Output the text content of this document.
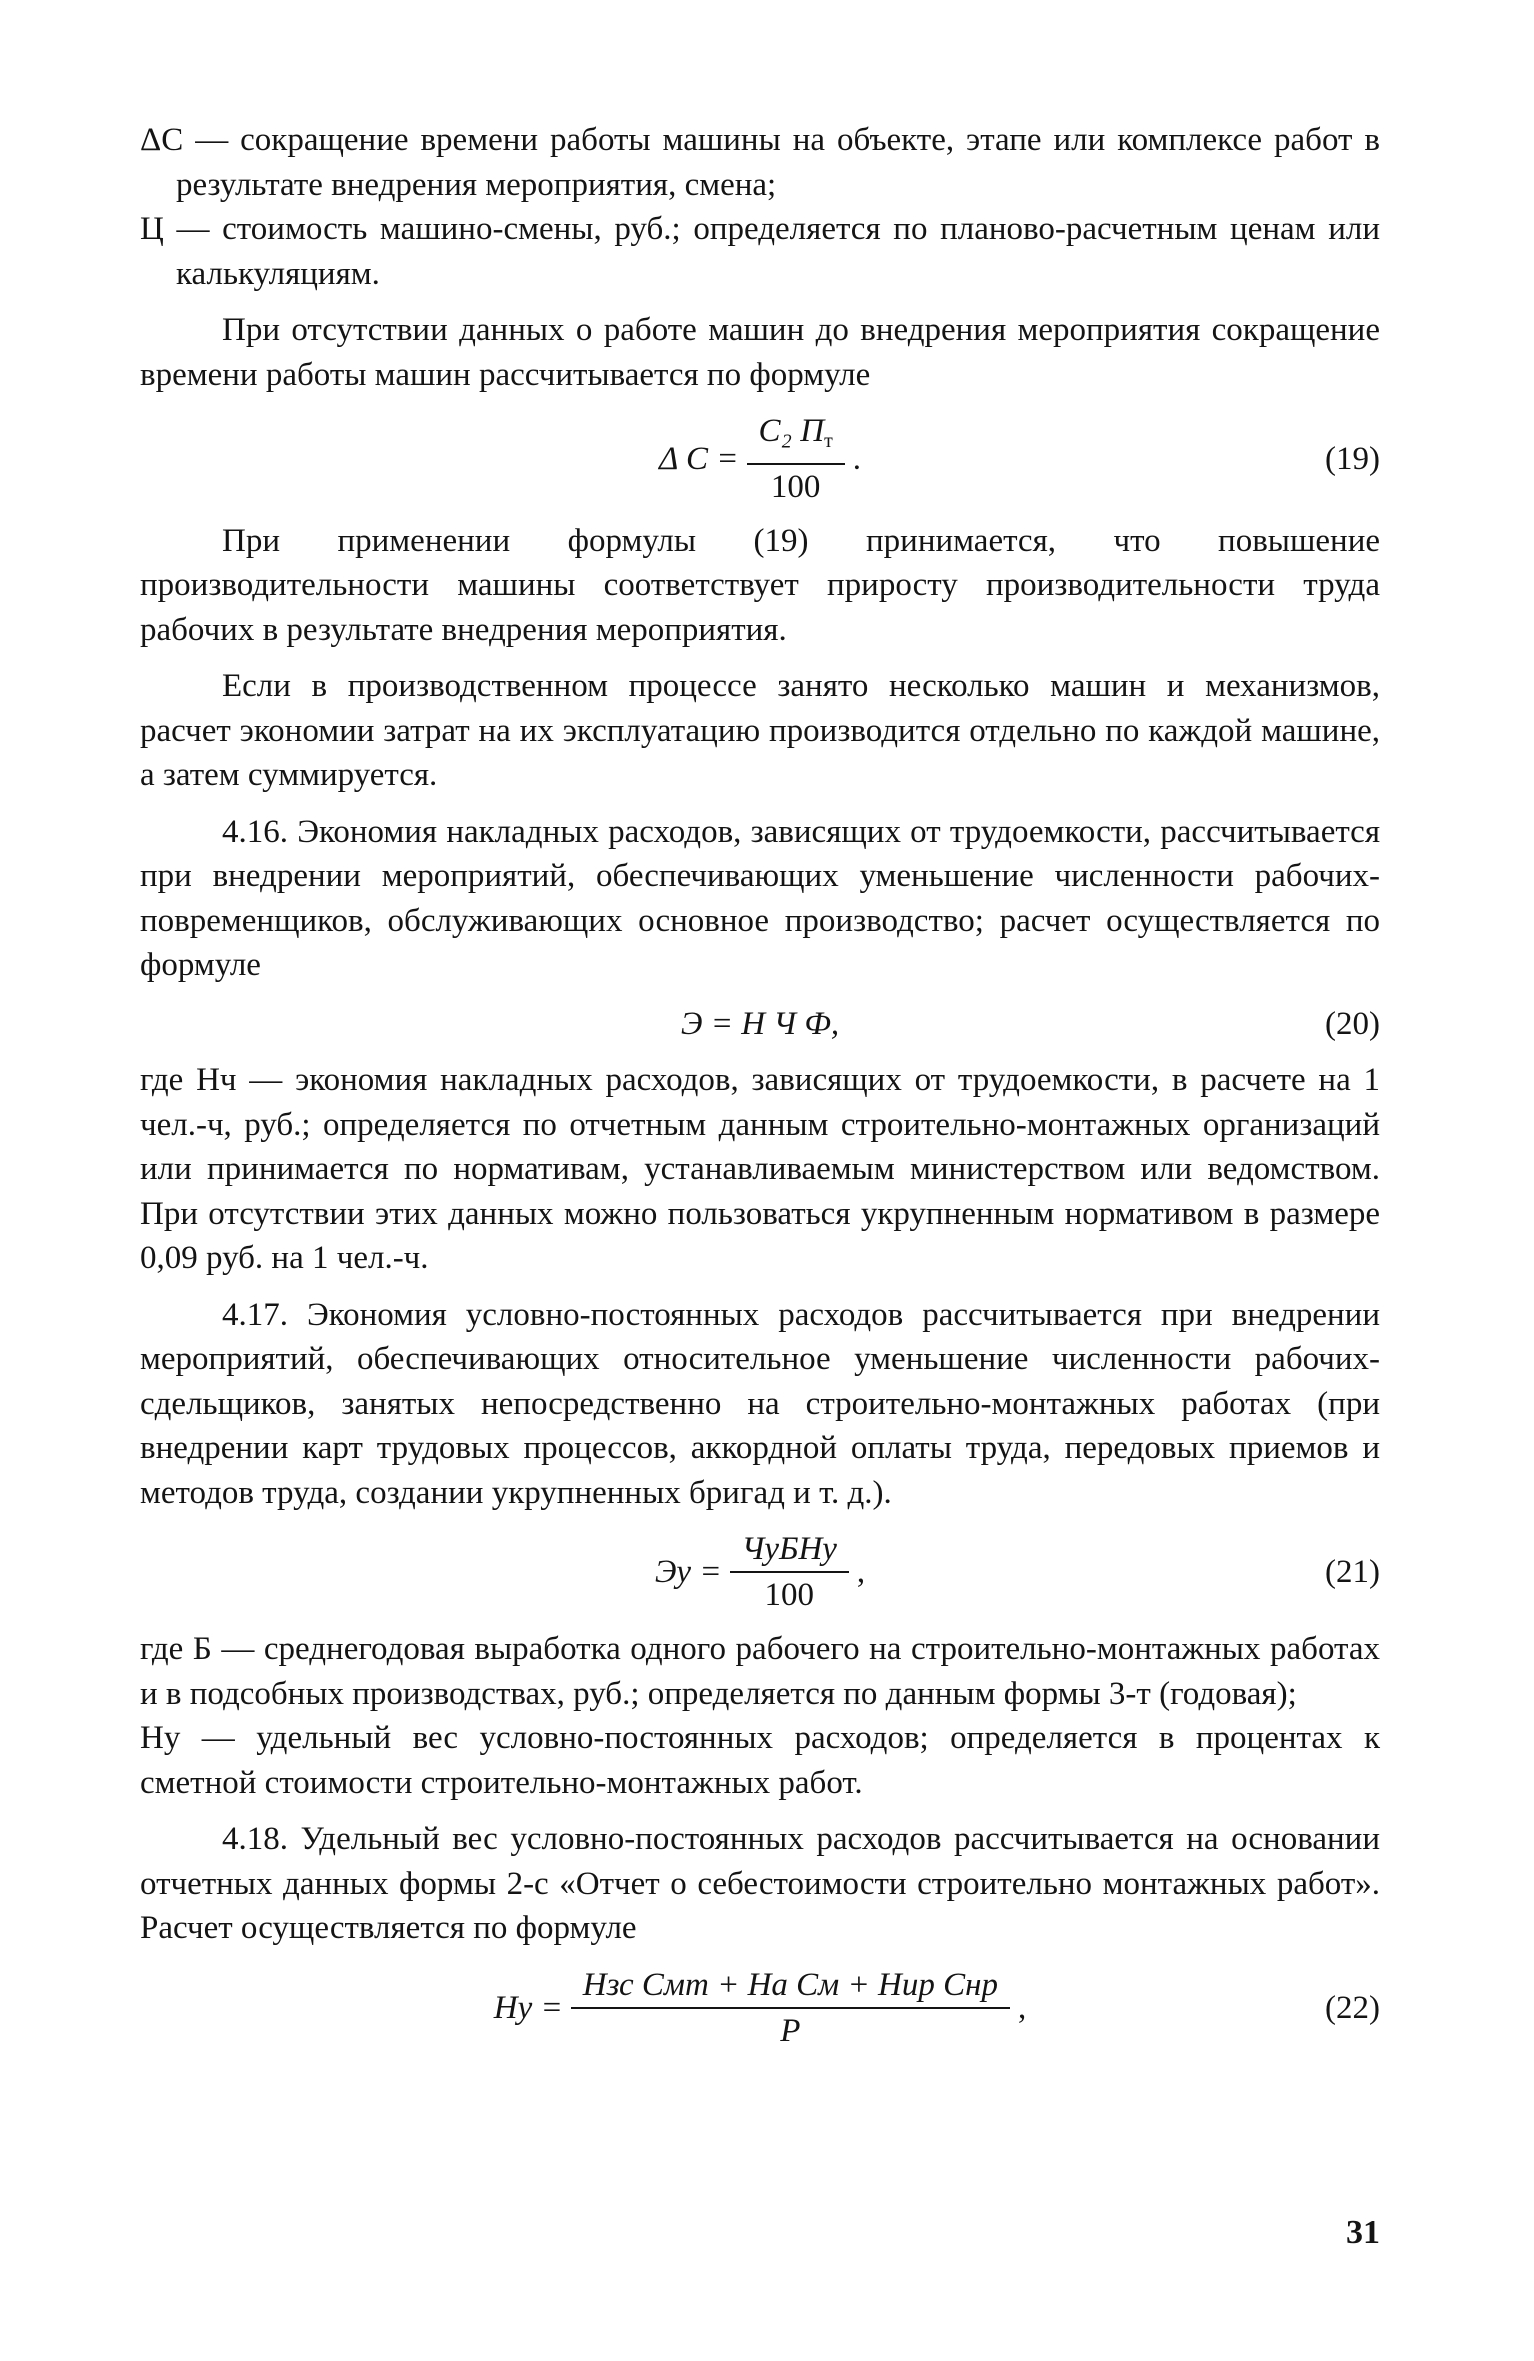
ΔС — сокращение времени работы машины на объекте, этапе или комплексе работ в результате внедрения мероприятия, смена;

Ц — стоимость машино-смены, руб.; определяется по планово-расчетным ценам или калькуляциям.

При отсутствии данных о работе машин до внедрения мероприятия сокращение времени работы машин рассчитывается по формуле

Δ $С = \frac{С_2 П_т}{100}$ .	(19)

При применении формулы (19) принимается, что повышение производительности машины соответствует приросту производительности труда рабочих в результате внедрения мероприятия.

Если в производственном процессе занято несколько машин и механизмов, расчет экономии затрат на их эксплуатацию производится отдельно по каждой машине, а затем суммируется.

4.16. Экономия накладных расходов, зависящих от трудоемкости, рассчитывается при внедрении мероприятий, обеспечивающих уменьшение численности рабочих-повременщиков, обслуживающих основное производство; расчет осуществляется по формуле

Э = Н Ч Ф,	(20)

где Нч — экономия накладных расходов, зависящих от трудоемкости, в расчете на 1 чел.-ч, руб.; определяется по отчетным данным строительно-монтажных организаций или принимается по нормативам, устанавливаемым министерством или ведомством. При отсутствии этих данных можно пользоваться укрупненным нормативом в размере 0,09 руб. на 1 чел.-ч.

4.17. Экономия условно-постоянных расходов рассчитывается при внедрении мероприятий, обеспечивающих относительное уменьшение численности рабочих-сдельщиков, занятых непосредственно на строительно-монтажных работах (при внедрении карт трудовых процессов, аккордной оплаты труда, передовых приемов и методов труда, создании укрупненных бригад и т. д.).

Эу = $\frac{\text{ЧуБНу}}{100}$ ,	(21)

где Б — среднегодовая выработка одного рабочего на строительно-монтажных работах и в подсобных производствах, руб.; определяется по данным формы 3-т (годовая);

Ну — удельный вес условно-постоянных расходов; определяется в процентах к сметной стоимости строительно-монтажных работ.

4.18. Удельный вес условно-постоянных расходов рассчитывается на основании отчетных данных формы 2-с «Отчет о себестоимости строительно монтажных работ». Расчет осуществляется по формуле

Ну = $\frac{\text{Нзс Смт + На См + Нир Снр}}{Р}$ ,	(22)
31
